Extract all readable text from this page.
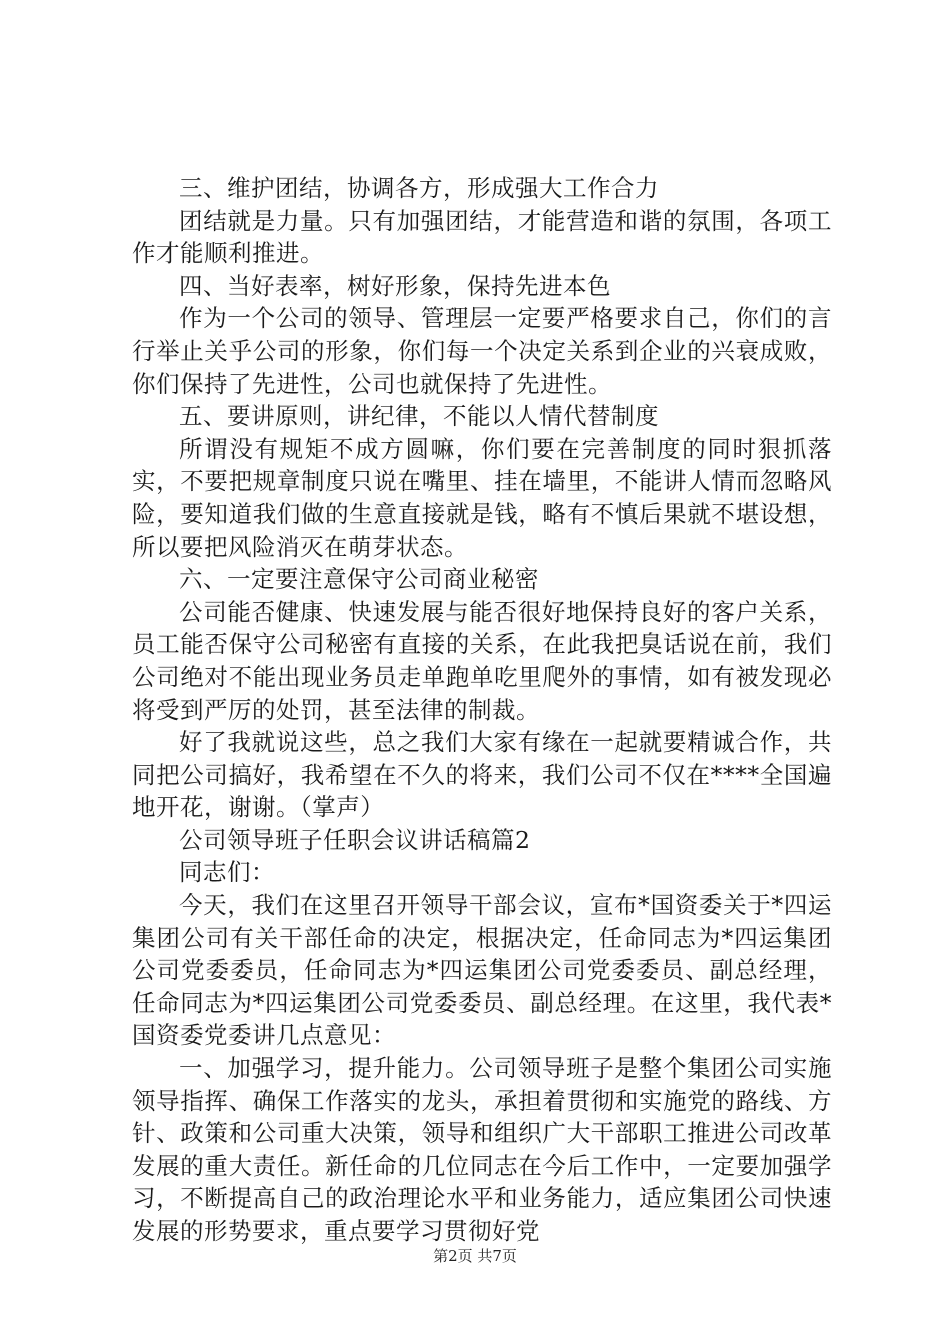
三、维护团结，协调各方，形成强大工作合力

团结就是力量。只有加强团结，才能营造和谐的氛围，各项工作才能顺利推进。

四、当好表率，树好形象，保持先进本色

作为一个公司的领导、管理层一定要严格要求自己，你们的言行举止关乎公司的形象，你们每一个决定关系到企业的兴衰成败，你们保持了先进性，公司也就保持了先进性。

五、要讲原则，讲纪律，不能以人情代替制度

所谓没有规矩不成方圆嘛，你们要在完善制度的同时狠抓落实，不要把规章制度只说在嘴里、挂在墙里，不能讲人情而忽略风险，要知道我们做的生意直接就是钱，略有不慎后果就不堪设想，所以要把风险消灭在萌芽状态。

六、一定要注意保守公司商业秘密

公司能否健康、快速发展与能否很好地保持良好的客户关系，员工能否保守公司秘密有直接的关系，在此我把臭话说在前，我们公司绝对不能出现业务员走单跑单吃里爬外的事情，如有被发现必将受到严厉的处罚，甚至法律的制裁。

好了我就说这些，总之我们大家有缘在一起就要精诚合作，共同把公司搞好，我希望在不久的将来，我们公司不仅在****全国遍地开花，谢谢。（掌声）

公司领导班子任职会议讲话稿篇2

同志们：

今天，我们在这里召开领导干部会议，宣布*国资委关于*四运集团公司有关干部任命的决定，根据决定，任命同志为*四运集团公司党委委员，任命同志为*四运集团公司党委委员、副总经理，任命同志为*四运集团公司党委委员、副总经理。在这里，我代表*国资委党委讲几点意见：

一、加强学习，提升能力。公司领导班子是整个集团公司实施领导指挥、确保工作落实的龙头，承担着贯彻和实施党的路线、方针、政策和公司重大决策，领导和组织广大干部职工推进公司改革发展的重大责任。新任命的几位同志在今后工作中，一定要加强学习，不断提高自己的政治理论水平和业务能力，适应集团公司快速发展的形势要求，重点要学习贯彻好党

第2页 共7页
